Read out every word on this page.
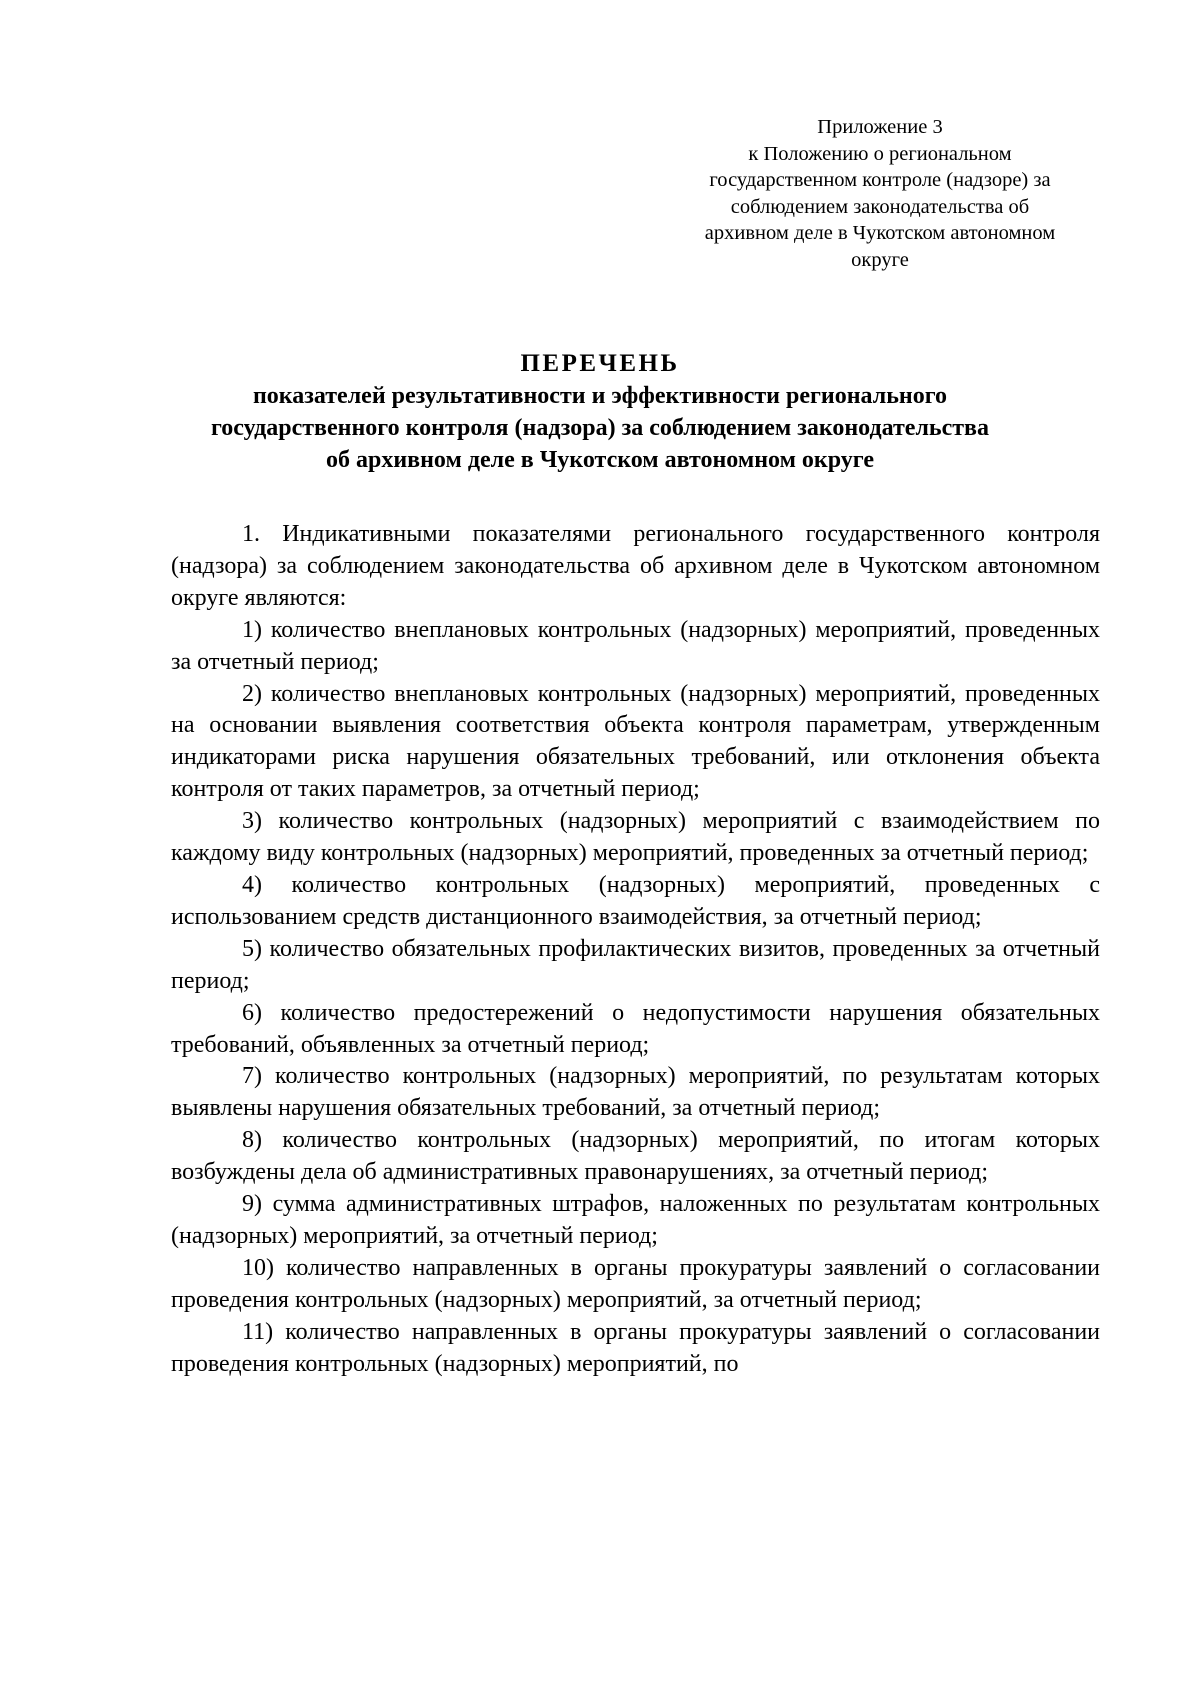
Приложение 3
к Положению о региональном
государственном контроле (надзоре) за
соблюдением законодательства об
архивном деле в Чукотском автономном
округе
ПЕРЕЧЕНЬ
показателей результативности и эффективности регионального
государственного контроля (надзора) за соблюдением законодательства
об архивном деле в Чукотском автономном округе

1. Индикативными показателями регионального государственного контроля (надзора) за соблюдением законодательства об архивном деле в Чукотском автономном округе являются:

1) количество внеплановых контрольных (надзорных) мероприятий, проведенных за отчетный период;

2) количество внеплановых контрольных (надзорных) мероприятий, проведенных на основании выявления соответствия объекта контроля параметрам, утвержденным индикаторами риска нарушения обязательных требований, или отклонения объекта контроля от таких параметров, за отчетный период;

3) количество контрольных (надзорных) мероприятий с взаимодействием по каждому виду контрольных (надзорных) мероприятий, проведенных за отчетный период;

4) количество контрольных (надзорных) мероприятий, проведенных с использованием средств дистанционного взаимодействия, за отчетный период;

5) количество обязательных профилактических визитов, проведенных за отчетный период;

6) количество предостережений о недопустимости нарушения обязательных требований, объявленных за отчетный период;

7) количество контрольных (надзорных) мероприятий, по результатам которых выявлены нарушения обязательных требований, за отчетный период;

8) количество контрольных (надзорных) мероприятий, по итогам которых возбуждены дела об административных правонарушениях, за отчетный период;

9) сумма административных штрафов, наложенных по результатам контрольных (надзорных) мероприятий, за отчетный период;

10) количество направленных в органы прокуратуры заявлений о согласовании проведения контрольных (надзорных) мероприятий, за отчетный период;

11) количество направленных в органы прокуратуры заявлений о согласовании проведения контрольных (надзорных) мероприятий, по
